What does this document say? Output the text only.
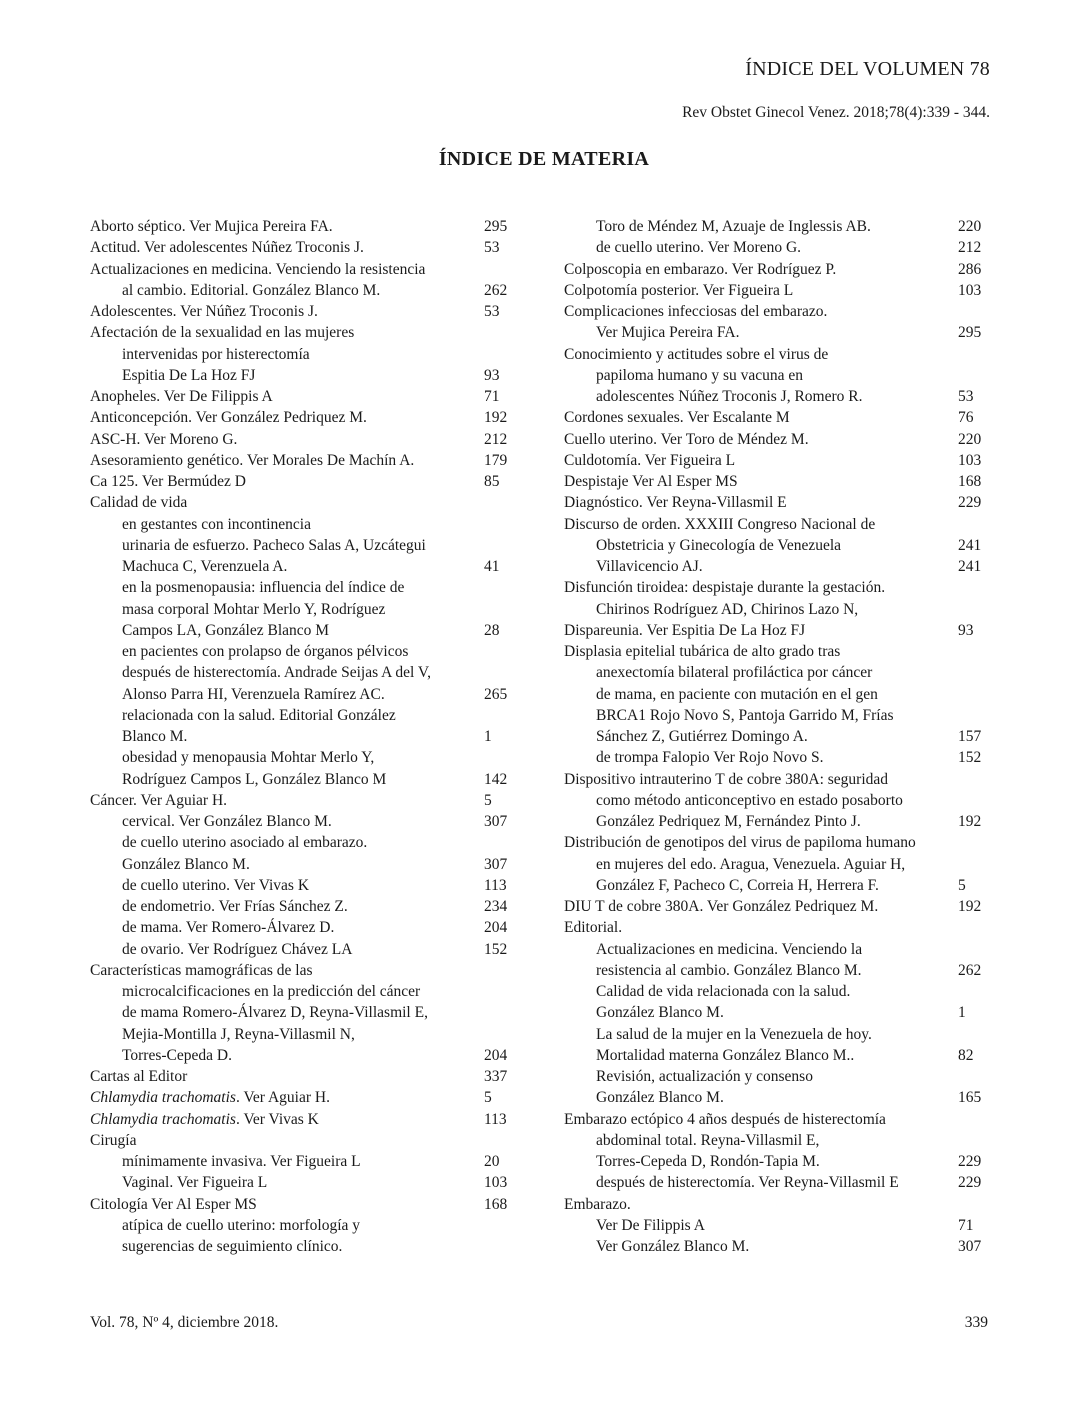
ÍNDICE DEL VOLUMEN 78
Rev Obstet Ginecol Venez. 2018;78(4):339 - 344.
ÍNDICE DE MATERIA
Aborto séptico. Ver Mujica Pereira FA.	295
Actitud. Ver adolescentes Núñez Troconis J.	53
Actualizaciones en medicina. Venciendo la resistencia
al cambio. Editorial. González Blanco M.	262
Adolescentes. Ver Núñez Troconis J.	53
Afectación de la sexualidad en las mujeres
intervenidas por histerectomía
Espitia De La Hoz FJ	93
Anopheles. Ver De Filippis A	71
Anticoncepción. Ver González Pedriquez M.	192
ASC-H. Ver Moreno G.	212
Asesoramiento genético. Ver Morales De Machín A.	179
Ca 125. Ver Bermúdez D	85
Calidad de vida
en gestantes con incontinencia
urinaria de esfuerzo. Pacheco Salas A, Uzcátegui
Machuca C, Verenzuela A.	41
en la posmenopausia: influencia del índice de
masa corporal Mohtar Merlo Y, Rodríguez
Campos LA, González Blanco M	28
en pacientes con prolapso de órganos pélvicos
después de histerectomía. Andrade Seijas A del V,
Alonso Parra HI, Verenzuela Ramírez AC.	265
relacionada con la salud. Editorial González
Blanco M.	1
obesidad y menopausia Mohtar Merlo Y,
Rodríguez Campos L, González Blanco M	142
Cáncer. Ver Aguiar H.	5
cervical. Ver González Blanco M.	307
de cuello uterino asociado al embarazo.
González Blanco M.	307
de cuello uterino. Ver Vivas K	113
de endometrio. Ver Frías Sánchez Z.	234
de mama. Ver Romero-Álvarez D.	204
de ovario. Ver Rodríguez Chávez LA	152
Características mamográficas de las
microcalcificaciones en la predicción del cáncer
de mama Romero-Álvarez D, Reyna-Villasmil E,
Mejia-Montilla J, Reyna-Villasmil N,
Torres-Cepeda D.	204
Cartas al Editor	337
Chlamydia trachomatis. Ver Aguiar H.	5
Chlamydia trachomatis. Ver Vivas K	113
Cirugía
mínimamente invasiva. Ver Figueira L	20
Vaginal. Ver Figueira L	103
Citología Ver Al Esper MS	168
atípica de cuello uterino: morfología y
sugerencias de seguimiento clínico.
Toro de Méndez M, Azuaje de Inglessis AB.	220
de cuello uterino. Ver Moreno G.	212
Colposcopia en embarazo. Ver Rodríguez P.	286
Colpotomía posterior. Ver Figueira L	103
Complicaciones infecciosas del embarazo.
Ver Mujica Pereira FA.	295
Conocimiento y actitudes sobre el virus de
papiloma humano y su vacuna en
adolescentes Núñez Troconis J, Romero R.	53
Cordones sexuales. Ver Escalante M	76
Cuello uterino. Ver Toro de Méndez M.	220
Culdotomía. Ver Figueira L	103
Despistaje Ver Al Esper MS	168
Diagnóstico. Ver Reyna-Villasmil E	229
Discurso de orden. XXXIII Congreso Nacional de
Obstetricia y Ginecología de Venezuela	241
Villavicencio AJ.	241
Disfunción tiroidea: despistaje durante la gestación.
Chirinos Rodríguez AD, Chirinos Lazo N,
Dispareunia. Ver Espitia De La Hoz FJ	93
Displasia epitelial tubárica de alto grado tras
anexectomía bilateral profiláctica por cáncer
de mama, en paciente con mutación en el gen
BRCA1 Rojo Novo S, Pantoja Garrido M, Frías
Sánchez Z, Gutiérrez Domingo A.	157
de trompa Falopio Ver Rojo Novo S.	152
Dispositivo intrauterino T de cobre 380A: seguridad
como método anticonceptivo en estado posaborto
González Pedriquez M, Fernández Pinto J.	192
Distribución de genotipos del virus de papiloma humano
en mujeres del edo. Aragua, Venezuela. Aguiar H,
González F, Pacheco C, Correia H, Herrera F.	5
DIU T de cobre 380A. Ver González Pedriquez M.	192
Editorial.
Actualizaciones en medicina. Venciendo la
resistencia al cambio. González Blanco M.	262
Calidad de vida relacionada con la salud.
González Blanco M.	1
La salud de la mujer en la Venezuela de hoy.
Mortalidad materna González Blanco M..	82
Revisión, actualización y consenso
González Blanco M.	165
Embarazo ectópico 4 años después de histerectomía
abdominal total. Reyna-Villasmil E,
Torres-Cepeda D, Rondón-Tapia M.	229
después de histerectomía. Ver Reyna-Villasmil E	229
Embarazo.
Ver De Filippis A	71
Ver González Blanco M.	307
Vol. 78, Nº 4, diciembre 2018.	339
